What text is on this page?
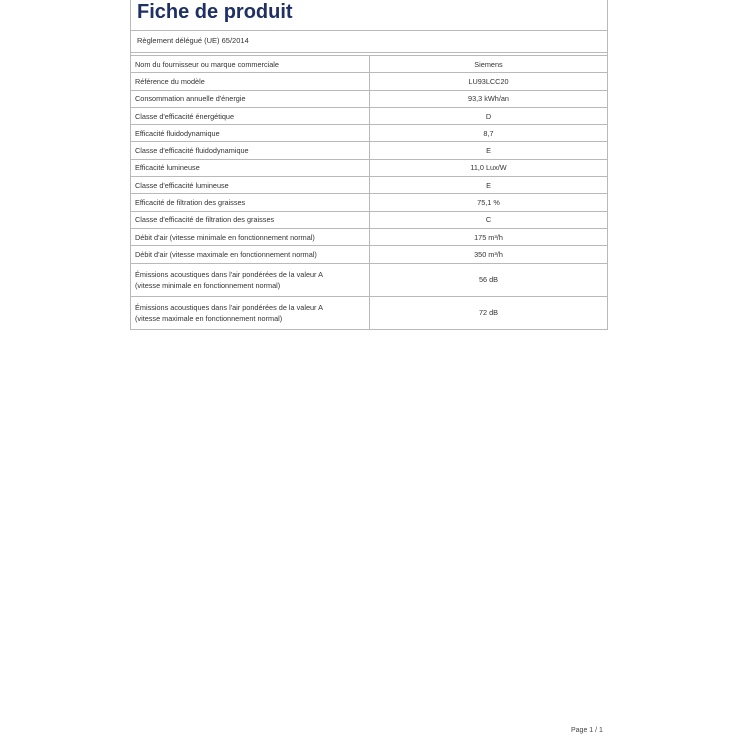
Fiche de produit
Règlement délégué (UE) 65/2014
Nom du fournisseur ou marque commerciale	Siemens
Référence du modèle	LU93LCC20
Consommation annuelle d'énergie	93,3 kWh/an
Classe d'efficacité énergétique	D
Efficacité fluidodynamique	8,7
Classe d'efficacité fluidodynamique	E
Efficacité lumineuse	11,0 Lux/W
Classe d'efficacité lumineuse	E
Efficacité de filtration des graisses	75,1 %
Classe d'efficacité de filtration des graisses	C
Débit d'air (vitesse minimale en fonctionnement normal)	175 m³/h
Débit d'air (vitesse maximale en fonctionnement normal)	350 m³/h

Émissions acoustiques dans l'air pondérées de la valeur A
(vitesse minimale en fonctionnement normal)	56 dB

Émissions acoustiques dans l'air pondérées de la valeur A
(vitesse maximale en fonctionnement normal)	72 dB
Page 1 / 1
